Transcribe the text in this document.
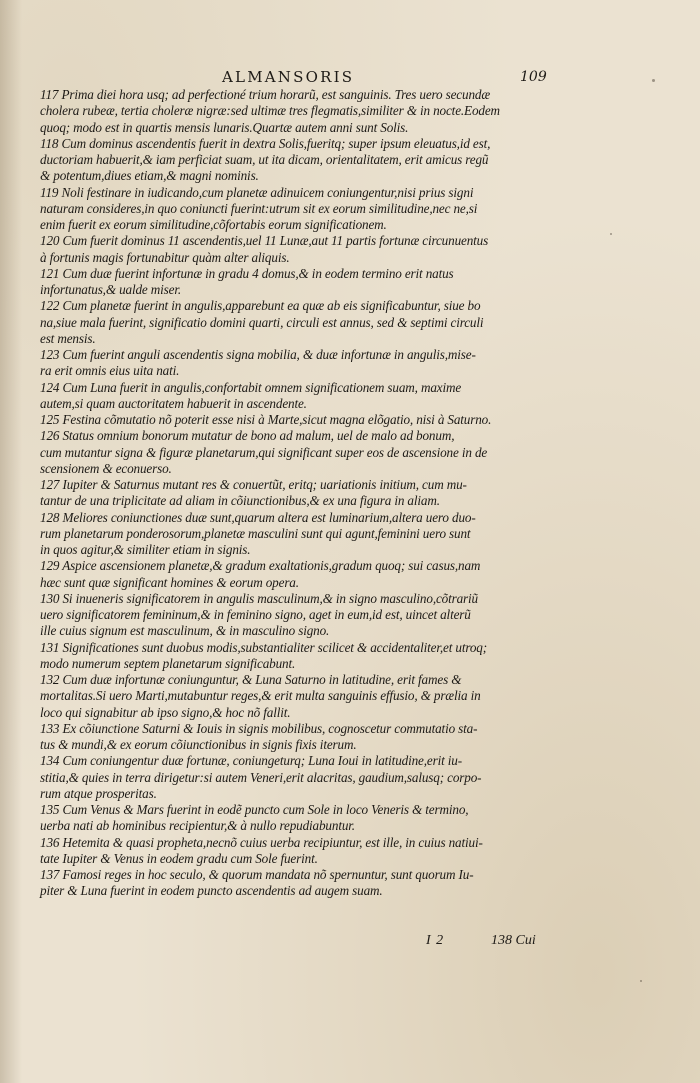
ALMANSORIS	109
117 Prima diei hora usq; ad perfectioné trium horarũ, est sanguinis. Tres uero secundæ
cholera rubeæ, tertia choleræ nigræ:sed ultimæ tres flegmatis,similiter & in nocte.Eodem
quoq; modo est in quartis mensis lunaris.Quartæ autem anni sunt Solis.
118 Cum dominus ascendentis fuerit in dextra Solis,fueritq; super ipsum eleuatus,id est,
ductoriam habuerit,& iam perficiat suam, ut ita dicam, orientalitatem, erit amicus regũ
& potentum,diues etiam,& magni nominis.
119 Noli festinare in iudicando,cum planetæ adinuicem coniungentur,nisi prius signi
naturam consideres,in quo coniuncti fuerint:utrum sit ex eorum similitudine,nec ne,si
enim fuerit ex eorum similitudine,cõfortabis eorum significationem.
120 Cum fuerit dominus 11 ascendentis,uel 11 Lunæ,aut 11 partis fortunæ circunuentus
à fortunis magis fortunabitur quàm alter aliquis.
121 Cum duæ fuerint infortunæ in gradu 4 domus,& in eodem termino erit natus
infortunatus,& ualde miser.
122 Cum planetæ fuerint in angulis,apparebunt ea quæ ab eis significabuntur, siue bo
na,siue mala fuerint, significatio domini quarti, circuli est annus, sed & septimi circuli
est mensis.
123 Cum fuerint anguli ascendentis signa mobilia, & duæ infortunæ in angulis,mise-
ra erit omnis eius uita nati.
124 Cum Luna fuerit in angulis,confortabit omnem significationem suam, maxime
autem,si quam auctoritatem habuerit in ascendente.
125 Festina cõmutatio nõ poterit esse nisi à Marte,sicut magna elõgatio, nisi à Saturno.
126 Status omnium bonorum mutatur de bono ad malum, uel de malo ad bonum,
cum mutantur signa & figuræ planetarum,qui significant super eos de ascensione in de
scensionem & econuerso.
127 Iupiter & Saturnus mutant res & conuertũt, eritq; uariationis initium, cum mu-
tantur de una triplicitate ad aliam in cõiunctionibus,& ex una figura in aliam.
128 Meliores coniunctiones duæ sunt,quarum altera est luminarium,altera uero duo-
rum planetarum ponderosorum,planetæ masculini sunt qui agunt,feminini uero sunt
in quos agitur,& similiter etiam in signis.
129 Aspice ascensionem planetæ,& gradum exaltationis,gradum quoq; sui casus,nam
hæc sunt quæ significant homines & eorum opera.
130 Si inueneris significatorem in angulis masculinum,& in signo masculino,cõtrariũ
uero significatorem femininum,& in feminino signo, aget in eum,id est, uincet alterũ
ille cuius signum est masculinum, & in masculino signo.
131 Significationes sunt duobus modis,substantialiter scilicet & accidentaliter,et utroq;
modo numerum septem planetarum significabunt.
132 Cum duæ infortunæ coniunguntur, & Luna Saturno in latitudine, erit fames &
mortalitas.Si uero Marti,mutabuntur reges,& erit multa sanguinis effusio, & prælia in
loco qui signabitur ab ipso signo,& hoc nõ fallit.
133 Ex cõiunctione Saturni & Iouis in signis mobilibus, cognoscetur commutatio sta-
tus & mundi,& ex eorum cõiunctionibus in signis fixis iterum.
134 Cum coniungentur duæ fortunæ, coniungeturq; Luna Ioui in latitudine,erit iu-
stitia,& quies in terra dirigetur:si autem Veneri,erit alacritas, gaudium,salusq; corpo-
rum atque prosperitas.
135 Cum Venus & Mars fuerint in eodẽ puncto cum Sole in loco Veneris & termino,
uerba nati ab hominibus recipientur,& à nullo repudiabuntur.
136 Hetemita & quasi propheta,necnõ cuius uerba recipiuntur, est ille, in cuius natiui-
tate Iupiter & Venus in eodem gradu cum Sole fuerint.
137 Famosi reges in hoc seculo, & quorum mandata nõ spernuntur, sunt quorum Iu-
piter & Luna fuerint in eodem puncto ascendentis ad augem suam.
I 2	138 Cui
